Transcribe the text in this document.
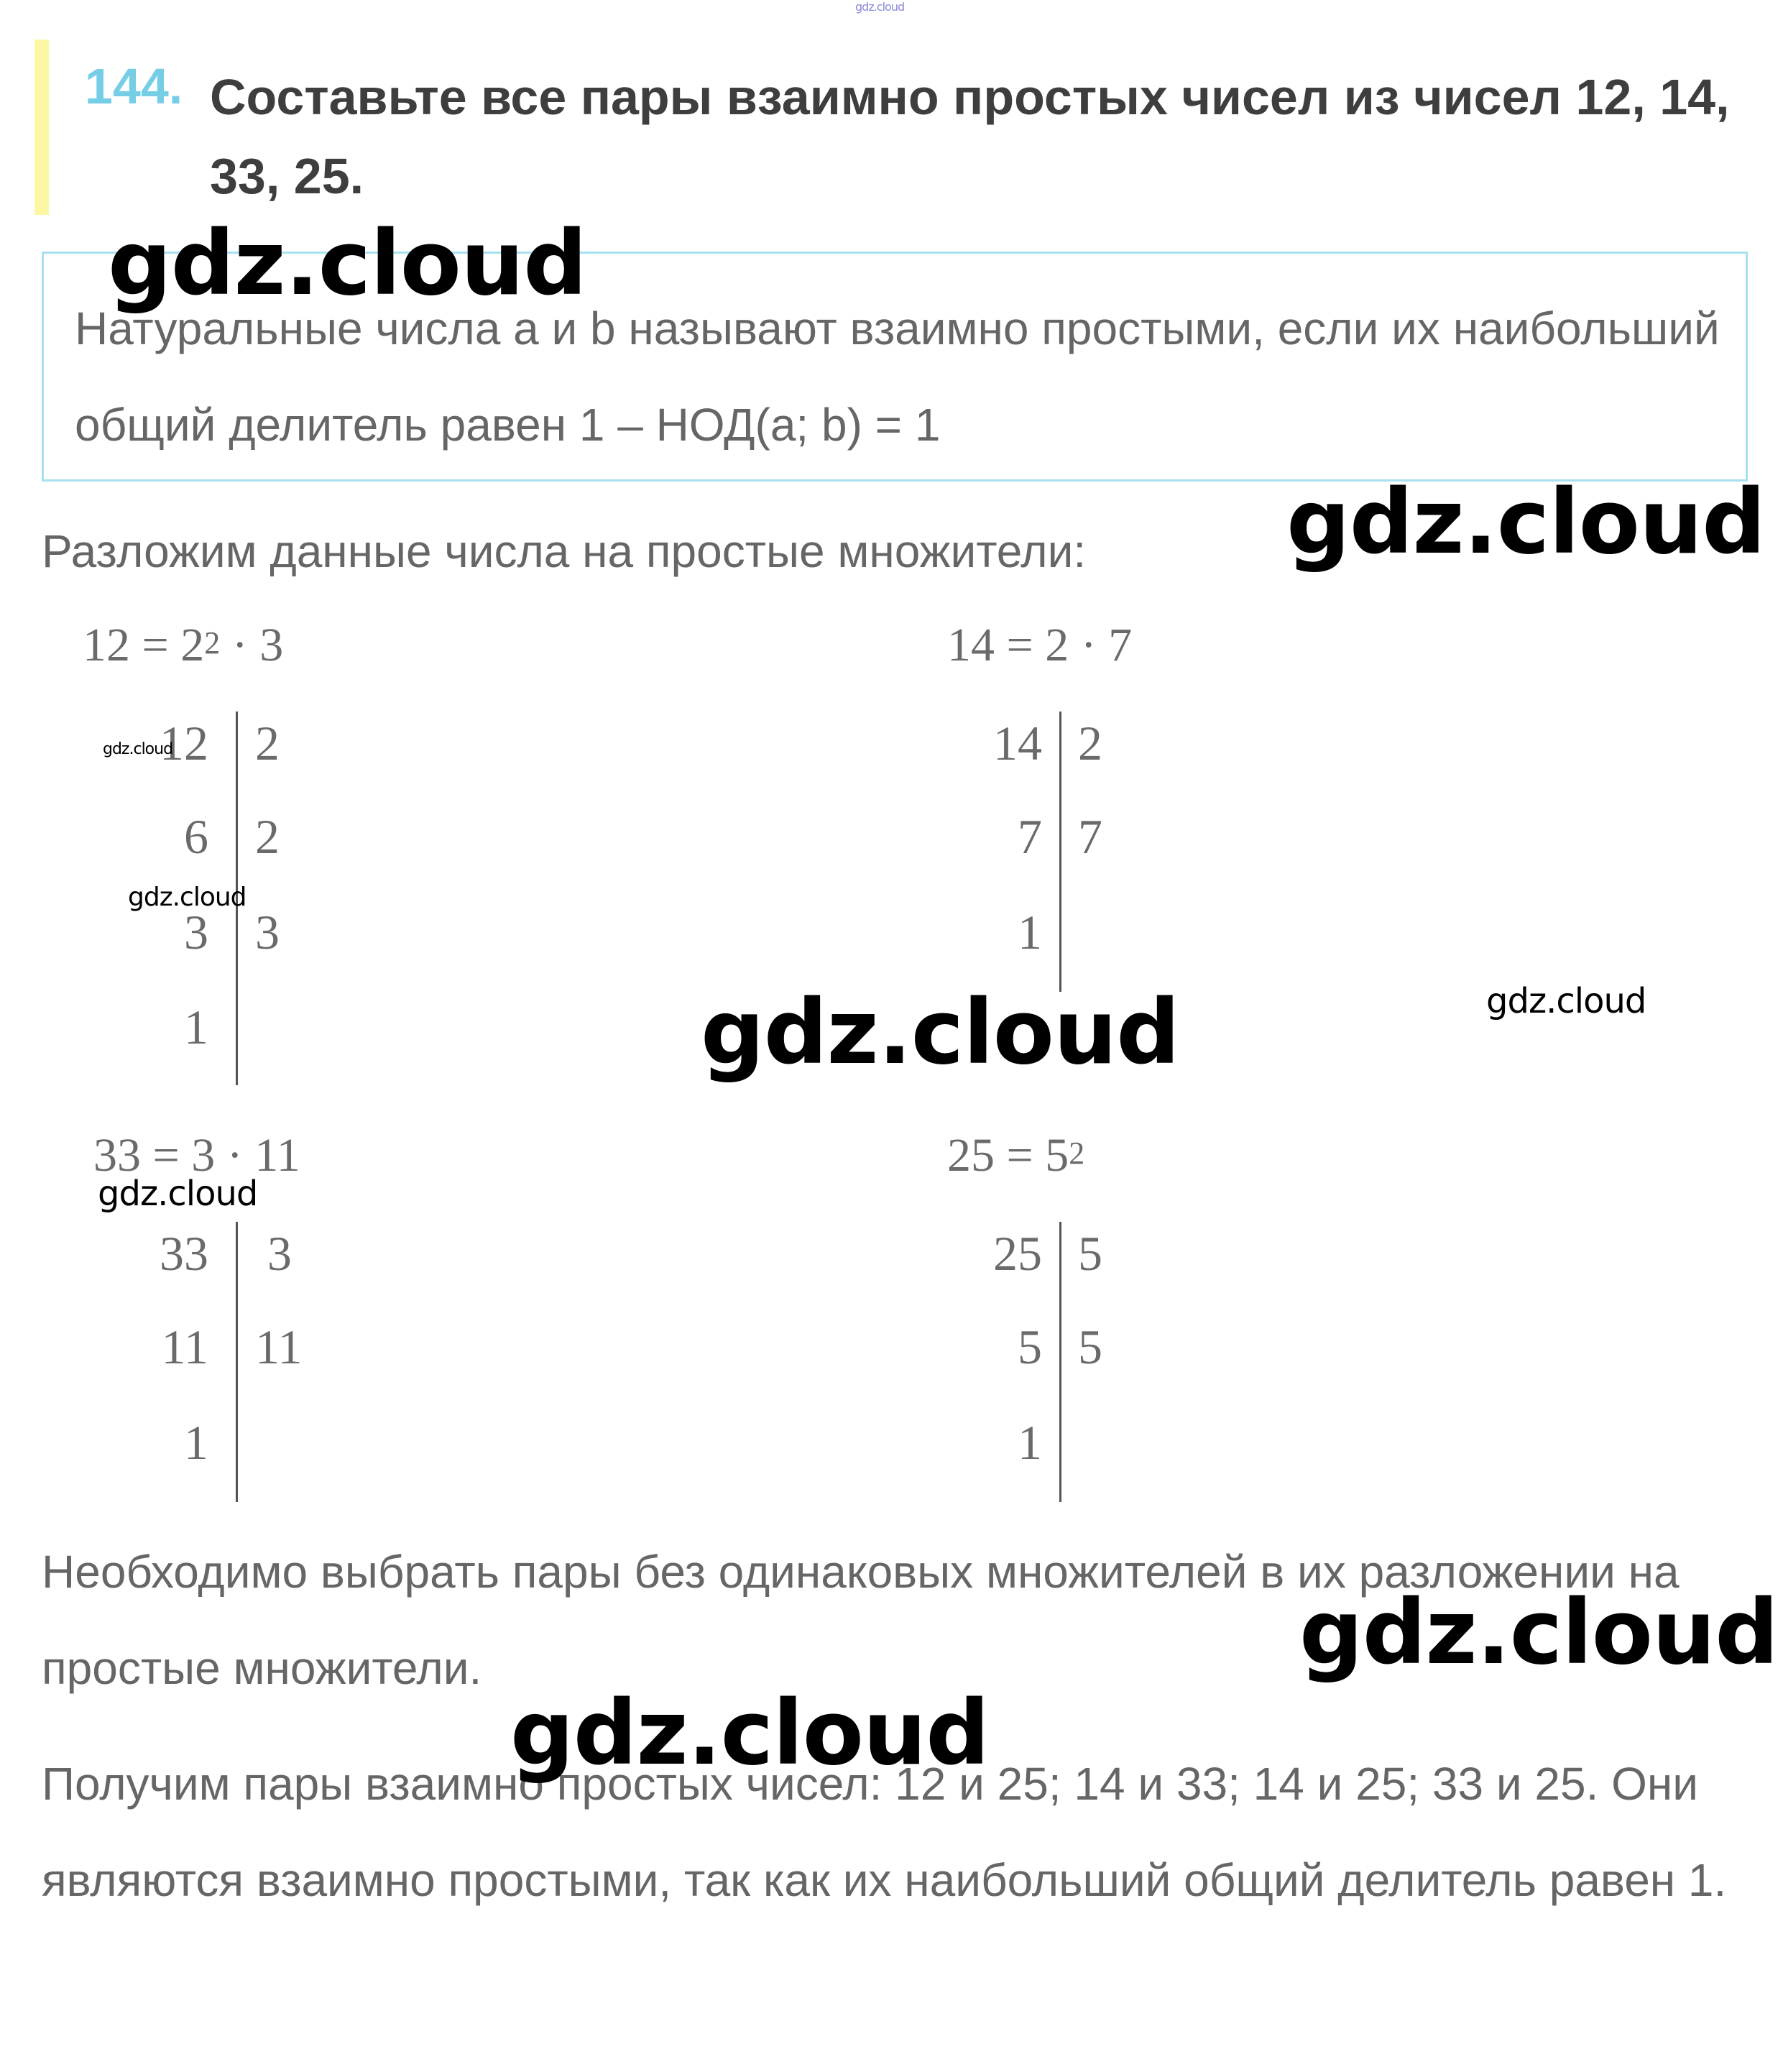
144. Составьте все пары взаимно простых чисел из чисел 12, 14, 33, 25.
Натуральные числа a и b называют взаимно простыми, если их наибольший общий делитель равен 1 – НОД(a; b) = 1
Разложим данные числа на простые множители:
$12 = 2^2 \cdot 3$
12
6
3
1
2
2
3
14 = 2 · 7
14
7
1
2
7
33 = 3 · 11
33
11
1
3
11
$25 = 5^2$
25
5
1
5
5
Необходимо выбрать пары без одинаковых множителей в их разложении на простые множители.
Получим пары взаимно простых чисел: 12 и 25; 14 и 33; 14 и 25; 33 и 25. Они являются взаимно простыми, так как их наибольший общий делитель равен 1.
gdz.cloud
gdz.cloud
gdz.cloud
gdz.cloud
gdz.cloud
gdz.cloud	gdz.cloud
gdz.cloud
gdz.cloud
gdz.cloud
